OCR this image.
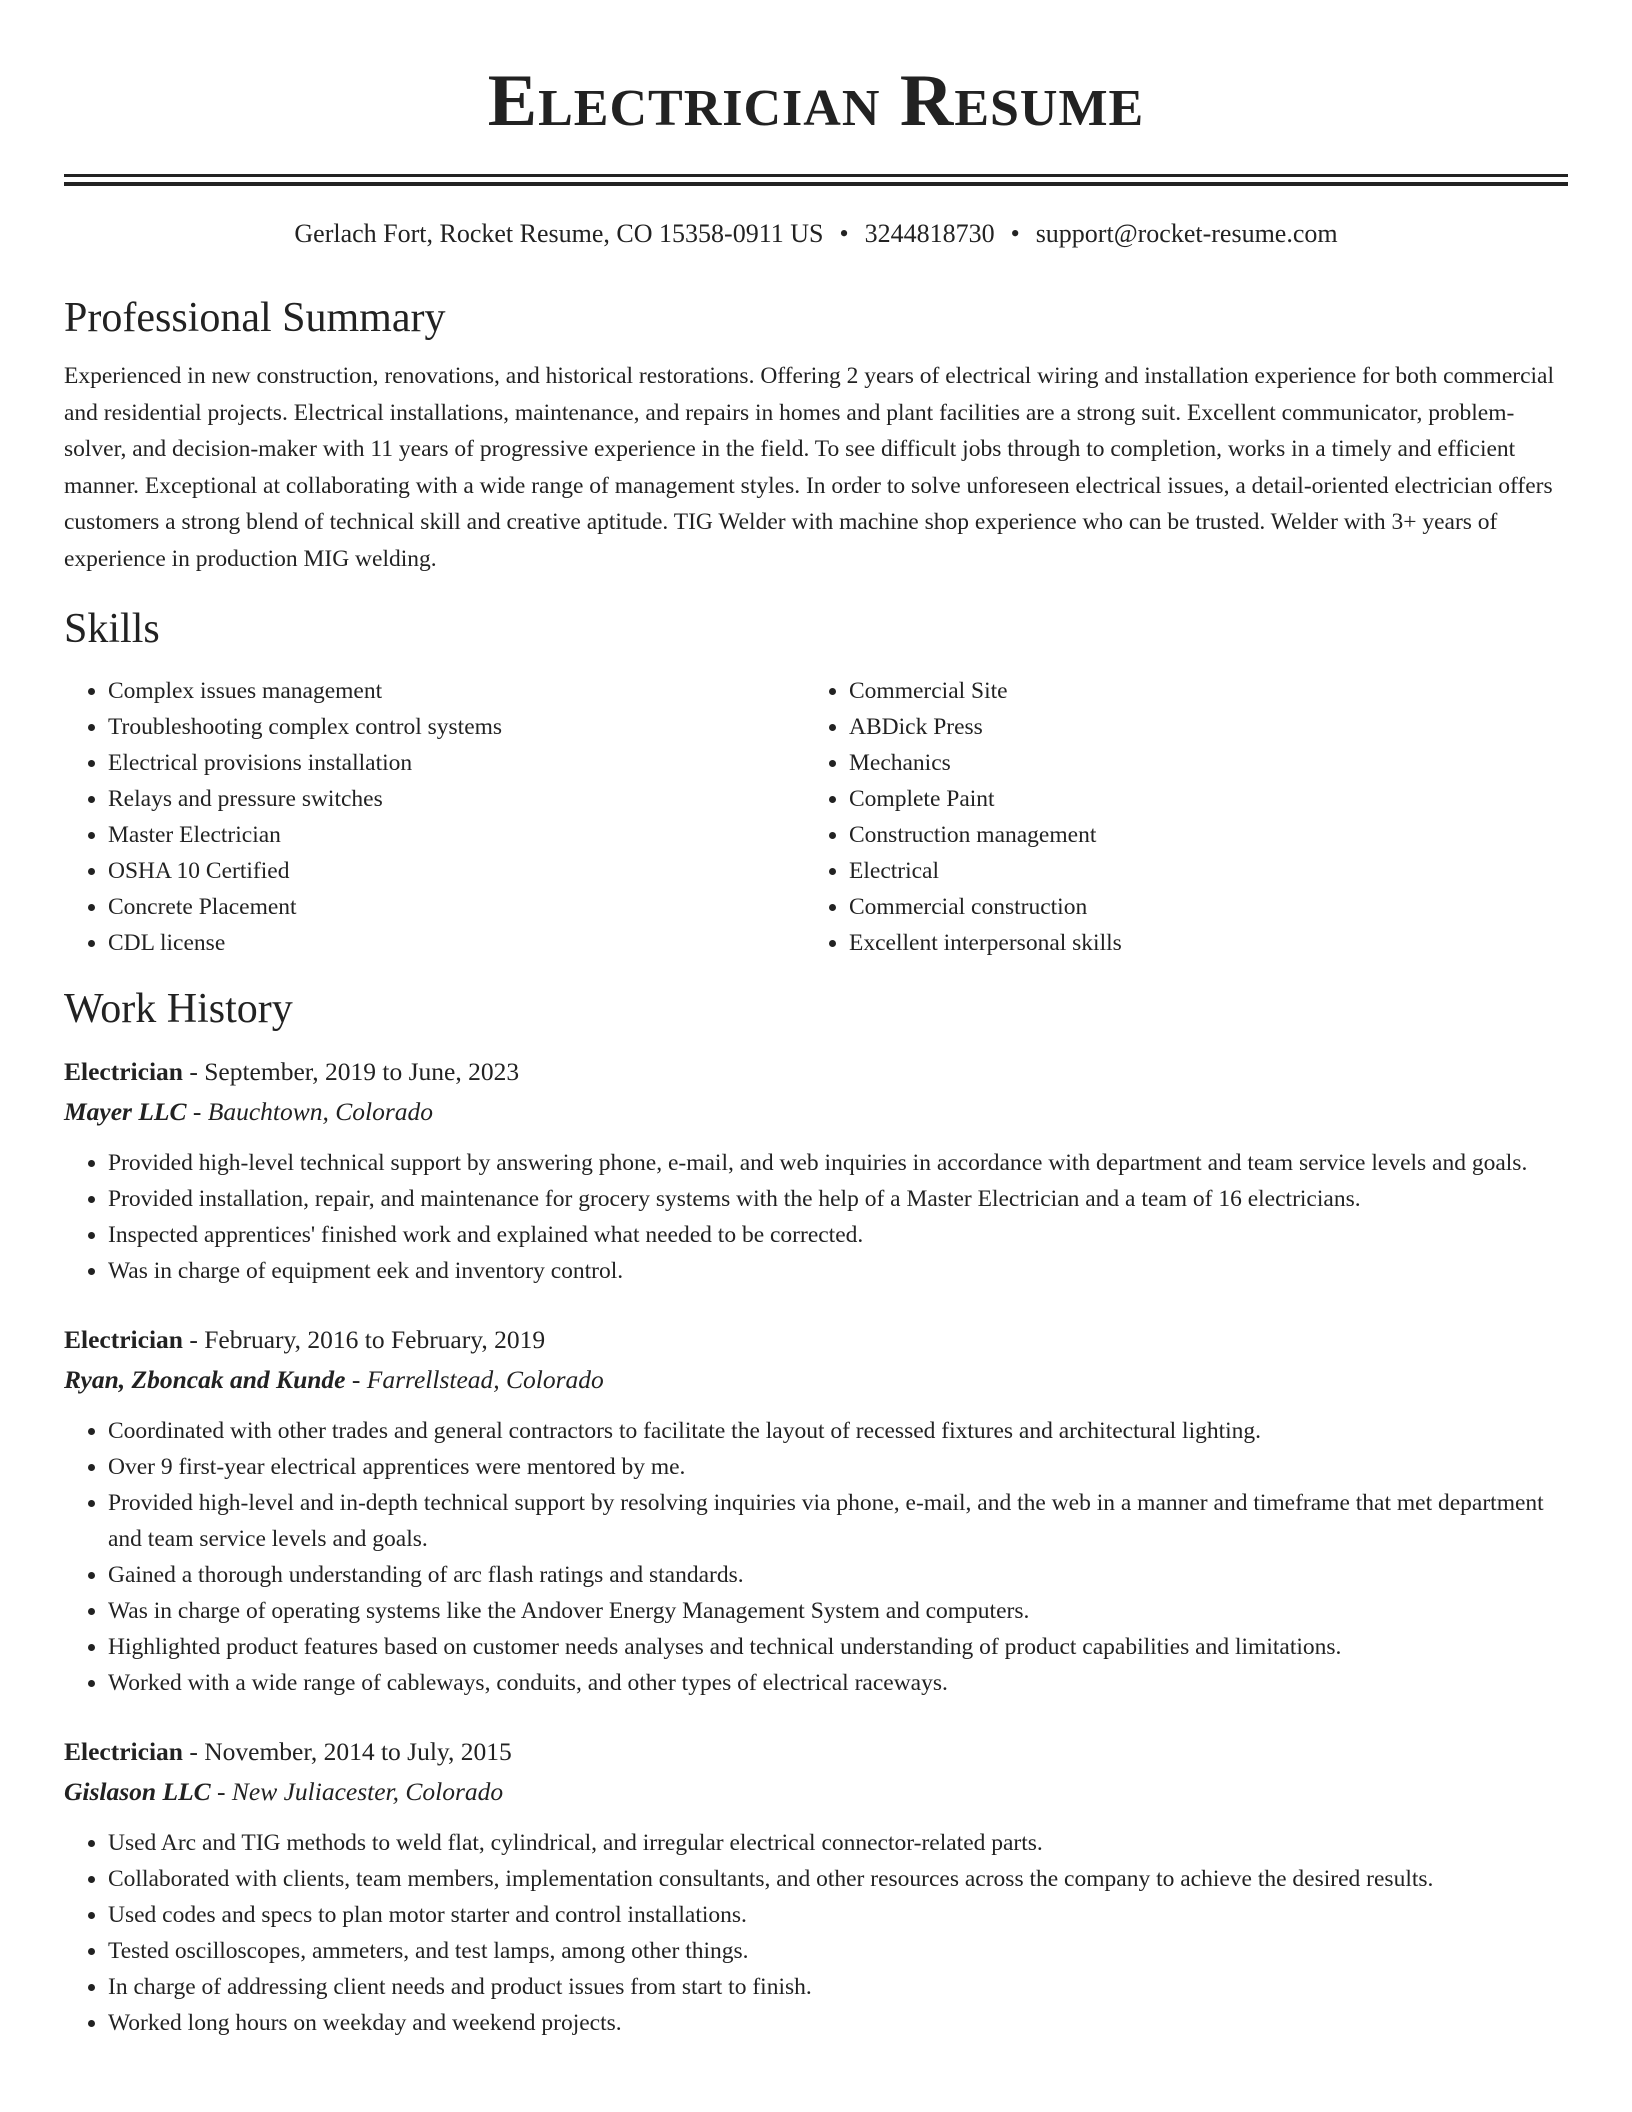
Electrician Resume
Gerlach Fort, Rocket Resume, CO 15358-0911 US • 3244818730 • support@rocket-resume.com
Professional Summary
Experienced in new construction, renovations, and historical restorations. Offering 2 years of electrical wiring and installation experience for both commercial and residential projects. Electrical installations, maintenance, and repairs in homes and plant facilities are a strong suit. Excellent communicator, problem-solver, and decision-maker with 11 years of progressive experience in the field. To see difficult jobs through to completion, works in a timely and efficient manner. Exceptional at collaborating with a wide range of management styles. In order to solve unforeseen electrical issues, a detail-oriented electrician offers customers a strong blend of technical skill and creative aptitude. TIG Welder with machine shop experience who can be trusted. Welder with 3+ years of experience in production MIG welding.
Skills
• Complex issues management
• Troubleshooting complex control systems
• Electrical provisions installation
• Relays and pressure switches
• Master Electrician
• OSHA 10 Certified
• Concrete Placement
• CDL license
• Commercial Site
• ABDick Press
• Mechanics
• Complete Paint
• Construction management
• Electrical
• Commercial construction
• Excellent interpersonal skills
Work History
Electrician - September, 2019 to June, 2023
Mayer LLC - Bauchtown, Colorado
• Provided high-level technical support by answering phone, e-mail, and web inquiries in accordance with department and team service levels and goals.
• Provided installation, repair, and maintenance for grocery systems with the help of a Master Electrician and a team of 16 electricians.
• Inspected apprentices' finished work and explained what needed to be corrected.
• Was in charge of equipment eek and inventory control.
Electrician - February, 2016 to February, 2019
Ryan, Zboncak and Kunde - Farrellstead, Colorado
• Coordinated with other trades and general contractors to facilitate the layout of recessed fixtures and architectural lighting.
• Over 9 first-year electrical apprentices were mentored by me.
• Provided high-level and in-depth technical support by resolving inquiries via phone, e-mail, and the web in a manner and timeframe that met department and team service levels and goals.
• Gained a thorough understanding of arc flash ratings and standards.
• Was in charge of operating systems like the Andover Energy Management System and computers.
• Highlighted product features based on customer needs analyses and technical understanding of product capabilities and limitations.
• Worked with a wide range of cableways, conduits, and other types of electrical raceways.
Electrician - November, 2014 to July, 2015
Gislason LLC - New Juliacester, Colorado
• Used Arc and TIG methods to weld flat, cylindrical, and irregular electrical connector-related parts.
• Collaborated with clients, team members, implementation consultants, and other resources across the company to achieve the desired results.
• Used codes and specs to plan motor starter and control installations.
• Tested oscilloscopes, ammeters, and test lamps, among other things.
• In charge of addressing client needs and product issues from start to finish.
• Worked long hours on weekday and weekend projects.
